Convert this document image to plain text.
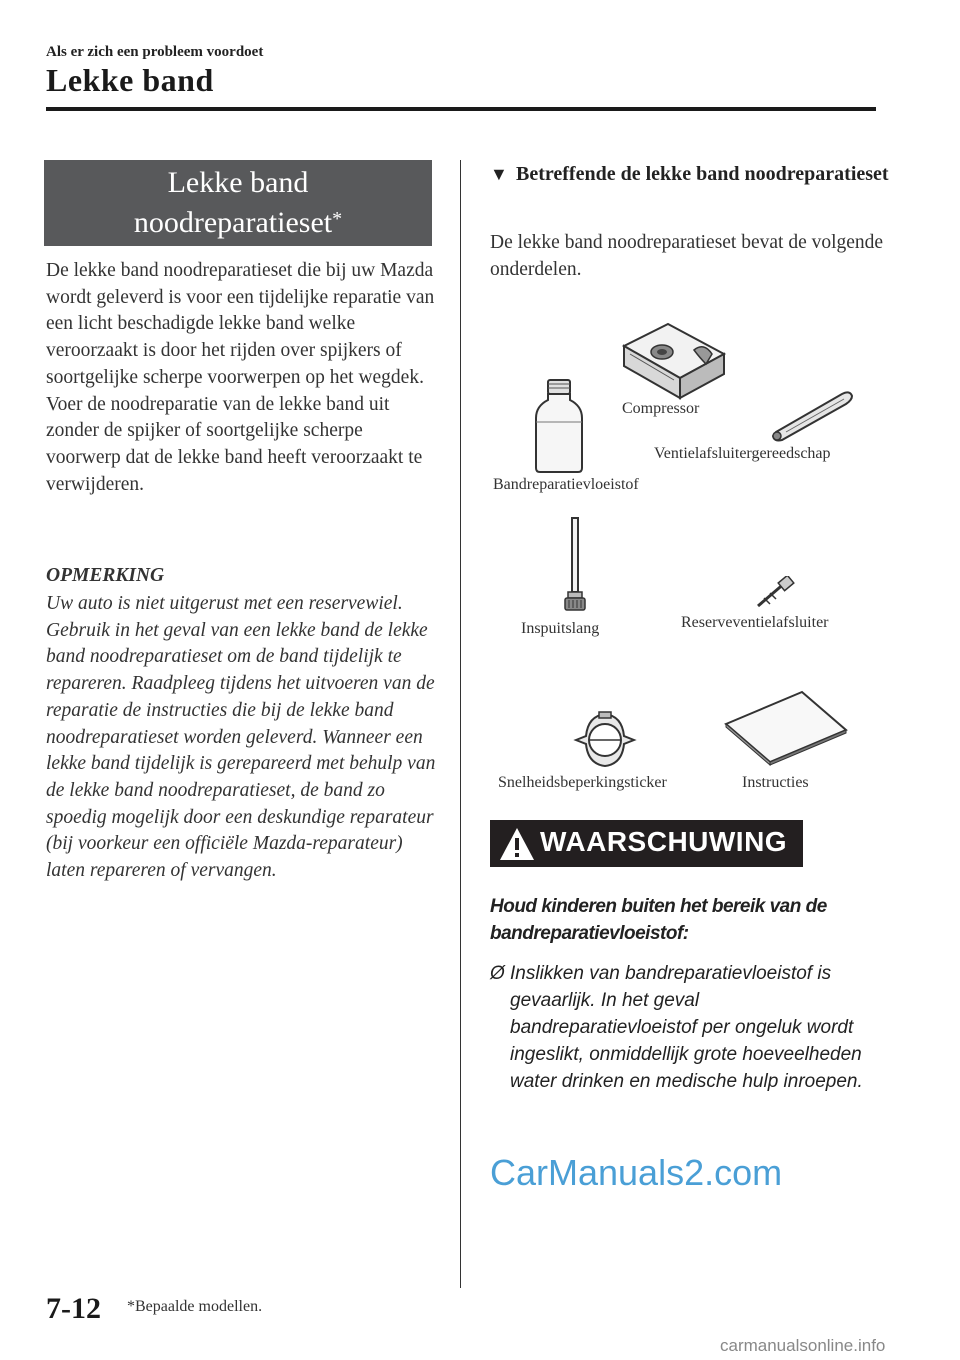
Als er zich een probleem voordoet
Lekke band
Lekke band
noodreparatieset*

De lekke band noodreparatieset die bij uw Mazda wordt geleverd is voor een tijdelijke reparatie van een licht beschadigde lekke band welke veroorzaakt is door het rijden over spijkers of soortgelijke scherpe voorwerpen op het wegdek.

Voer de noodreparatie van de lekke band uit zonder de spijker of soortgelijke scherpe voorwerp dat de lekke band heeft veroorzaakt te verwijderen.

OPMERKING
Uw auto is niet uitgerust met een reservewiel. Gebruik in het geval van een lekke band de lekke band noodreparatieset om de band tijdelijk te repareren. Raadpleeg tijdens het uitvoeren van de reparatie de instructies die bij de lekke band noodreparatieset worden geleverd. Wanneer een lekke band tijdelijk is gerepareerd met behulp van de lekke band noodreparatieset, de band zo spoedig mogelijk door een deskundige reparateur (bij voorkeur een officiële Mazda-reparateur) laten repareren of vervangen.
▼ Betreffende de lekke band noodreparatieset
De lekke band noodreparatieset bevat de volgende onderdelen.
Compressor
Ventielafsluitergereedschap
Bandreparatievloeistof
Inspuitslang	Reserveventielafsluiter
Snelheidsbeperkingsticker	Instructies
WAARSCHUWING
Houd kinderen buiten het bereik van de bandreparatievloeistof:
Ø Inslikken van bandreparatievloeistof is gevaarlijk. In het geval bandreparatievloeistof per ongeluk wordt ingeslikt, onmiddellijk grote hoeveelheden water drinken en medische hulp inroepen.
CarManuals2.com
7-12 *Bepaalde modellen.
carmanualsonline.info
